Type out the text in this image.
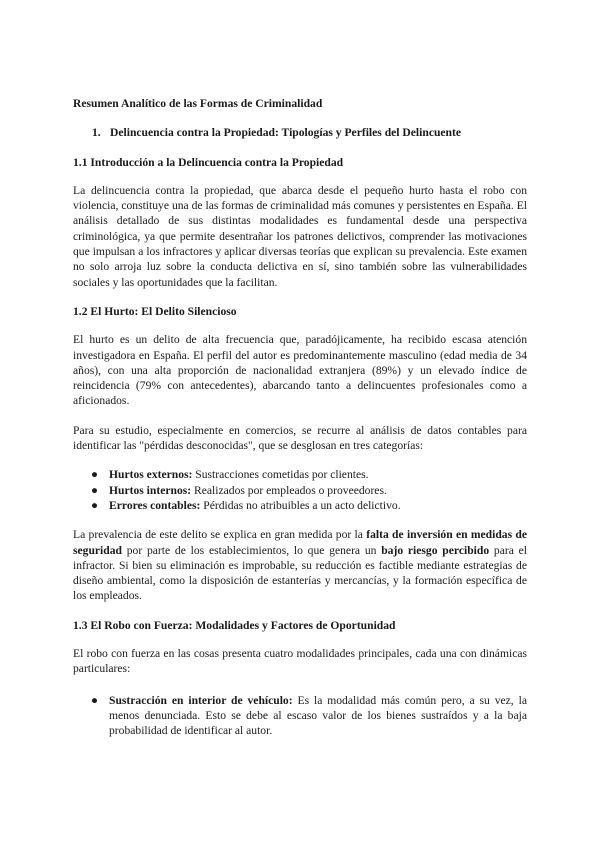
Resumen Analítico de las Formas de Criminalidad
1. Delincuencia contra la Propiedad: Tipologías y Perfiles del Delincuente
1.1 Introducción a la Delincuencia contra la Propiedad

La delincuencia contra la propiedad, que abarca desde el pequeño hurto hasta el robo con violencia, constituye una de las formas de criminalidad más comunes y persistentes en España. El análisis detallado de sus distintas modalidades es fundamental desde una perspectiva criminológica, ya que permite desentrañar los patrones delictivos, comprender las motivaciones que impulsan a los infractores y aplicar diversas teorías que explican su prevalencia. Este examen no solo arroja luz sobre la conducta delictiva en sí, sino también sobre las vulnerabilidades sociales y las oportunidades que la facilitan.

1.2 El Hurto: El Delito Silencioso

El hurto es un delito de alta frecuencia que, paradójicamente, ha recibido escasa atención investigadora en España. El perfil del autor es predominantemente masculino (edad media de 34 años), con una alta proporción de nacionalidad extranjera (89%) y un elevado índice de reincidencia (79% con antecedentes), abarcando tanto a delincuentes profesionales como a aficionados.

Para su estudio, especialmente en comercios, se recurre al análisis de datos contables para identificar las "pérdidas desconocidas", que se desglosan en tres categorías:

● Hurtos externos: Sustracciones cometidas por clientes.
● Hurtos internos: Realizados por empleados o proveedores.
● Errores contables: Pérdidas no atribuibles a un acto delictivo.

La prevalencia de este delito se explica en gran medida por la falta de inversión en medidas de seguridad por parte de los establecimientos, lo que genera un bajo riesgo percibido para el infractor. Si bien su eliminación es improbable, su reducción es factible mediante estrategias de diseño ambiental, como la disposición de estanterías y mercancías, y la formación específica de los empleados.

1.3 El Robo con Fuerza: Modalidades y Factores de Oportunidad

El robo con fuerza en las cosas presenta cuatro modalidades principales, cada una con dinámicas particulares:

● Sustracción en interior de vehículo: Es la modalidad más común pero, a su vez, la menos denunciada. Esto se debe al escaso valor de los bienes sustraídos y a la baja probabilidad de identificar al autor.
